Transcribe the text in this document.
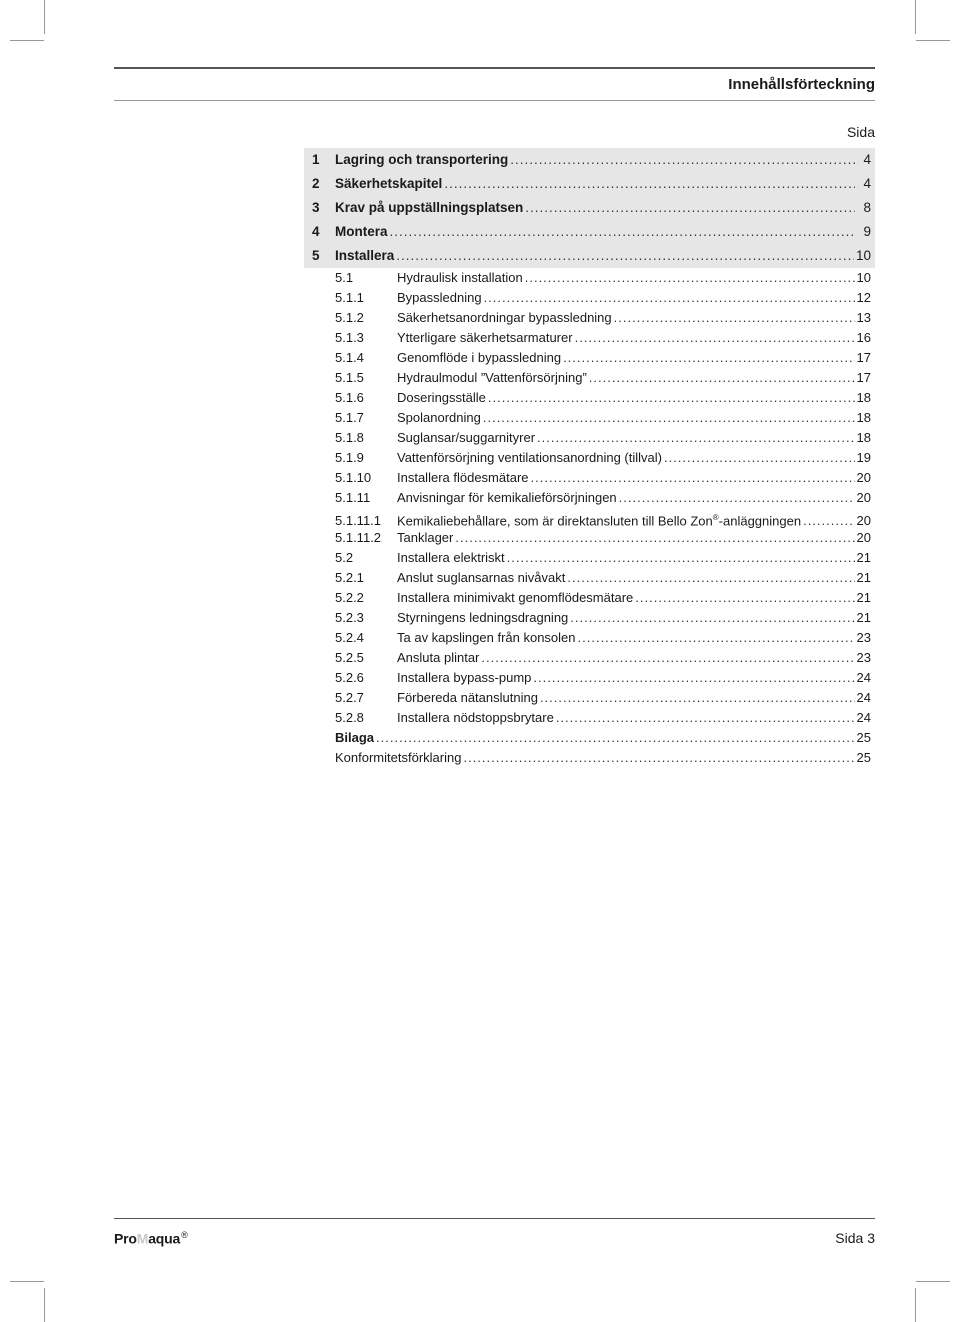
Innehållsförteckning
Sida
1	Lagring och transportering .....	4
2	Säkerhetskapitel .....	4
3	Krav på uppställningsplatsen .....	8
4	Montera .....	9
5	Installera .....	10
5.1	Hydraulisk installation .....	10
5.1.1	Bypassledning .....	12
5.1.2	Säkerhetsanordningar bypassledning .....	13
5.1.3	Ytterligare säkerhetsarmaturer .....	16
5.1.4	Genomflöde i bypassledning .....	17
5.1.5	Hydraulmodul ”Vattenförsörjning” .....	17
5.1.6	Doseringsställe .....	18
5.1.7	Spolanordning .....	18
5.1.8	Suglansar/suggarnityrer .....	18
5.1.9	Vattenförsörjning ventilationsanordning (tillval) .....	19
5.1.10	Installera flödesmätare .....	20
5.1.11	Anvisningar för kemikalieförsörjningen .....	20
5.1.11.1	Kemikaliebehållare, som är direktansluten till Bello Zon®-anläggningen .....	20
5.1.11.2	Tanklager .....	20
5.2	Installera elektriskt .....	21
5.2.1	Anslut suglansarnas nivåvakt .....	21
5.2.2	Installera minimivakt genomflödesmätare .....	21
5.2.3	Styrningens ledningsdragning .....	21
5.2.4	Ta av kapslingen från konsolen .....	23
5.2.5	Ansluta plintar .....	23
5.2.6	Installera bypass-pump .....	24
5.2.7	Förbereda nätanslutning .....	24
5.2.8	Installera nödstoppsbrytare .....	24
Bilaga .....	25
Konformitetsförklaring .....	25
ProMaqua®	Sida 3
